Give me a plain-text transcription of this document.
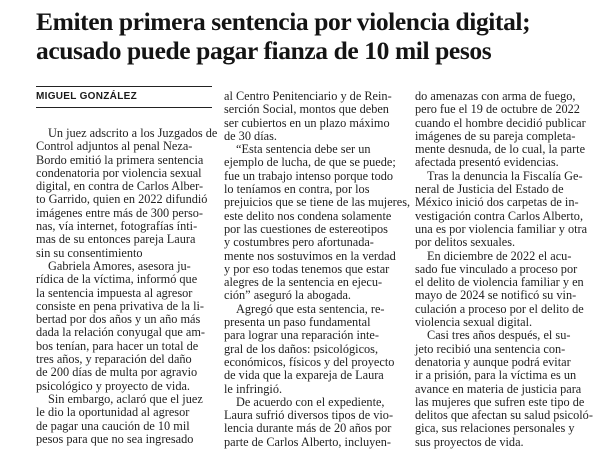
Emiten primera sentencia por violencia digital;
acusado puede pagar fianza de 10 mil pesos
MIGUEL GONZÁLEZ
Un juez adscrito a los Juzgados de
Control adjuntos al penal Neza-
Bordo emitió la primera sentencia
condenatoria por violencia sexual
digital, en contra de Carlos Alber-
to Garrido, quien en 2022 difundió
imágenes entre más de 300 perso-
nas, vía internet, fotografías ínti-
mas de su entonces pareja Laura
sin su consentimiento
Gabriela Amores, asesora ju-
rídica de la víctima, informó que
la sentencia impuesta al agresor
consiste en pena privativa de la li-
bertad por dos años y un año más
dada la relación conyugal que am-
bos tenían, para hacer un total de
tres años, y reparación del daño
de 200 días de multa por agravio
psicológico y proyecto de vida.
Sin embargo, aclaró que el juez
le dio la oportunidad al agresor
de pagar una caución de 10 mil
pesos para que no sea ingresado
al Centro Penitenciario y de Rein-
serción Social, montos que deben
ser cubiertos en un plazo máximo
de 30 días.
“Esta sentencia debe ser un
ejemplo de lucha, de que se puede;
fue un trabajo intenso porque todo
lo teníamos en contra, por los
prejuicios que se tiene de las mujeres,
este delito nos condena solamente
por las cuestiones de estereotipos
y costumbres pero afortunada-
mente nos sostuvimos en la verdad
y por eso todas tenemos que estar
alegres de la sentencia en ejecu-
ción” aseguró la abogada.
Agregó que esta sentencia, re-
presenta un paso fundamental
para lograr una reparación inte-
gral de los daños: psicológicos,
económicos, físicos y del proyecto
de vida que la expareja de Laura
le infringió.
De acuerdo con el expediente,
Laura sufrió diversos tipos de vio-
lencia durante más de 20 años por
parte de Carlos Alberto, incluyen-
do amenazas con arma de fuego,
pero fue el 19 de octubre de 2022
cuando el hombre decidió publicar
imágenes de su pareja completa-
mente desnuda, de lo cual, la parte
afectada presentó evidencias.
Tras la denuncia la Fiscalía Ge-
neral de Justicia del Estado de
México inició dos carpetas de in-
vestigación contra Carlos Alberto,
una es por violencia familiar y otra
por delitos sexuales.
En diciembre de 2022 el acu-
sado fue vinculado a proceso por
el delito de violencia familiar y en
mayo de 2024 se notificó su vin-
culación a proceso por el delito de
violencia sexual digital.
Casi tres años después, el su-
jeto recibió una sentencia con-
denatoria y aunque podrá evitar
ir a prisión, para la víctima es un
avance en materia de justicia para
las mujeres que sufren este tipo de
delitos que afectan su salud psicoló-
gica, sus relaciones personales y
sus proyectos de vida.
